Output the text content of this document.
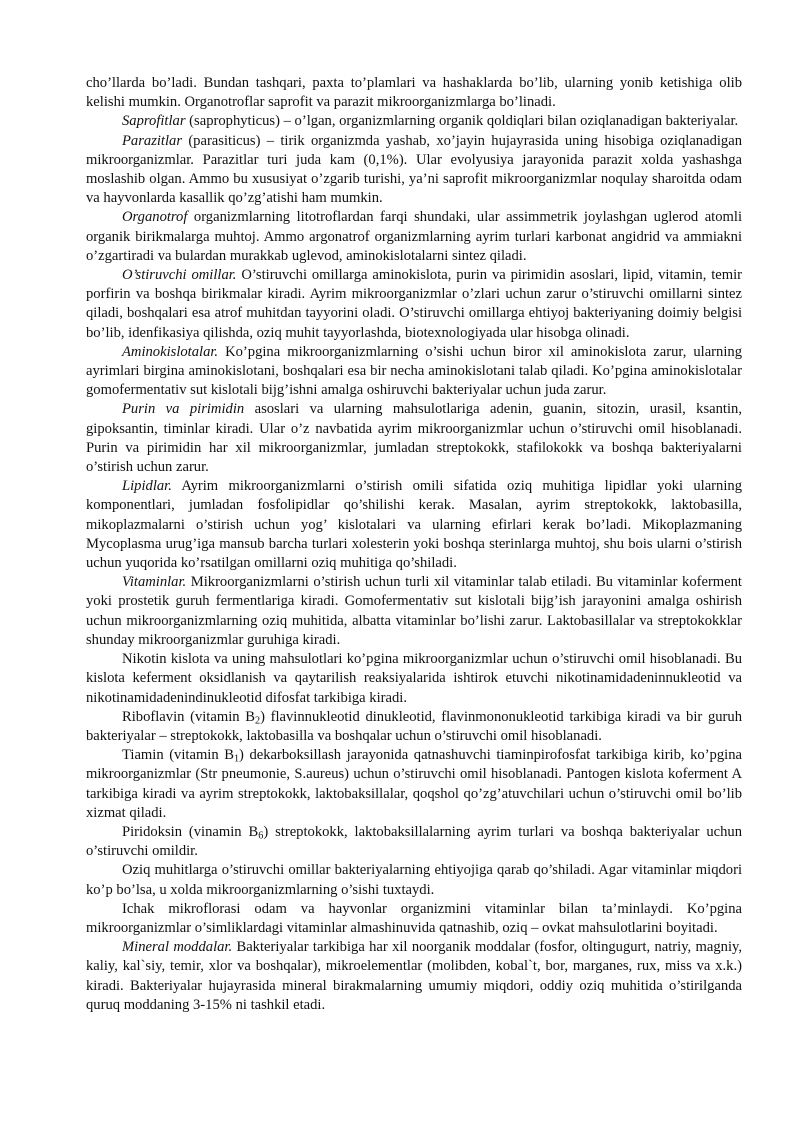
cho’llarda bo’ladi. Bundan tashqari, paxta to’plamlari va hashaklarda bo’lib, ularning yonib ketishiga olib kelishi mumkin. Organotroflar saprofit va parazit mikroorganizmlarga bo’linadi.

Saprofitlar (saprophyticus) – o’lgan, organizmlarning organik qoldiqlari bilan oziqlanadigan bakteriyalar.

Parazitlar (parasiticus) – tirik organizmda yashab, xo’jayin hujayrasida uning hisobiga oziqlanadigan mikroorganizmlar. Parazitlar turi juda kam (0,1%). Ular evolyusiya jarayonida parazit xolda yashashga moslashib olgan. Ammo bu xususiyat o’zgarib turishi, ya’ni saprofit mikroorganizmlar noqulay sharoitda odam va hayvonlarda kasallik qo’zg’atishi ham mumkin.

Organotrof organizmlarning litotroflardan farqi shundaki, ular assimmetrik joylashgan uglerod atomli organik birikmalarga muhtoj. Ammo argonatrof organizmlarning ayrim turlari karbonat angidrid va ammiakni o’zgartiradi va bulardan murakkab uglevod, aminokislotalarni sintez qiladi.

O’stiruvchi omillar. O’stiruvchi omillarga aminokislota, purin va pirimidin asoslari, lipid, vitamin, temir porfirin va boshqa birikmalar kiradi. Ayrim mikroorganizmlar o’zlari uchun zarur o’stiruvchi omillarni sintez qiladi, boshqalari esa atrof muhitdan tayyorini oladi. O’stiruvchi omillarga ehtiyoj bakteriyaning doimiy belgisi bo’lib, idenfikasiya qilishda, oziq muhit tayyorlashda, biotexnologiyada ular hisobga olinadi.

Aminokislotalar. Ko’pgina mikroorganizmlarning o’sishi uchun biror xil aminokislota zarur, ularning ayrimlari birgina aminokislotani, boshqalari esa bir necha aminokislotani talab qiladi. Ko’pgina aminokislotalar gomofermentativ sut kislotali bijg’ishni amalga oshiruvchi bakteriyalar uchun juda zarur.

Purin va pirimidin asoslari va ularning mahsulotlariga adenin, guanin, sitozin, urasil, ksantin, gipoksantin, timinlar kiradi. Ular o’z navbatida ayrim mikroorganizmlar uchun o’stiruvchi omil hisoblanadi. Purin va pirimidin har xil mikroorganizmlar, jumladan streptokokk, stafilokokk va boshqa bakteriyalarni o’stirish uchun zarur.

Lipidlar. Ayrim mikroorganizmlarni o’stirish omili sifatida oziq muhitiga lipidlar yoki ularning komponentlari, jumladan fosfolipidlar qo’shilishi kerak. Masalan, ayrim streptokokk, laktobasilla, mikoplazmalarni o’stirish uchun yog’ kislotalari va ularning efirlari kerak bo’ladi. Mikoplazmaning Mycoplasma urug’iga mansub barcha turlari xolesterin yoki boshqa sterinlarga muhtoj, shu bois ularni o’stirish uchun yuqorida ko’rsatilgan omillarni oziq muhitiga qo’shiladi.

Vitaminlar. Mikroorganizmlarni o’stirish uchun turli xil vitaminlar talab etiladi. Bu vitaminlar koferment yoki prostetik guruh fermentlariga kiradi. Gomofermentativ sut kislotali bijg’ish jarayonini amalga oshirish uchun mikroorganizmlarning oziq muhitida, albatta vitaminlar bo’lishi zarur. Laktobasillalar va streptokokklar shunday mikroorganizmlar guruhiga kiradi.

Nikotin kislota va uning mahsulotlari ko’pgina mikroorganizmlar uchun o’stiruvchi omil hisoblanadi. Bu kislota keferment oksidlanish va qaytarilish reaksiyalarida ishtirok etuvchi nikotinamidadeninnukleotid va nikotinamidadenindinukleotid difosfat tarkibiga kiradi.

Riboflavin (vitamin $B_2$) flavinnukleotid dinukleotid, flavinmononukleotid tarkibiga kiradi va bir guruh bakteriyalar – streptokokk, laktobasilla va boshqalar uchun o’stiruvchi omil hisoblanadi.

Tiamin (vitamin $B_1$) dekarboksillash jarayonida qatnashuvchi tiaminpirofosfat tarkibiga kirib, ko’pgina mikroorganizmlar (Str pneumonie, S.aureus) uchun o’stiruvchi omil hisoblanadi. Pantogen kislota koferment A tarkibiga kiradi va ayrim streptokokk, laktobaksillalar, qoqshol qo’zg’atuvchilari uchun o’stiruvchi omil bo’lib xizmat qiladi.

Piridoksin (vinamin $B_6$) streptokokk, laktobaksillalarning ayrim turlari va boshqa bakteriyalar uchun o’stiruvchi omildir.

Oziq muhitlarga o’stiruvchi omillar bakteriyalarning ehtiyojiga qarab qo’shiladi. Agar vitaminlar miqdori ko’p bo’lsa, u xolda mikroorganizmlarning o’sishi tuxtaydi.

Ichak mikroflorasi odam va hayvonlar organizmini vitaminlar bilan ta’minlaydi. Ko’pgina mikroorganizmlar o’simliklardagi vitaminlar almashinuvida qatnashib, oziq – ovkat mahsulotlarini boyitadi.

Mineral moddalar. Bakteriyalar tarkibiga har xil noorganik moddalar (fosfor, oltingugurt, natriy, magniy, kaliy, kal`siy, temir, xlor va boshqalar), mikroelementlar (molibden, kobal`t, bor, marganes, rux, miss va x.k.) kiradi. Bakteriyalar hujayrasida mineral birakmalarning umumiy miqdori, oddiy oziq muhitida o’stirilganda quruq moddaning 3-15% ni tashkil etadi.
